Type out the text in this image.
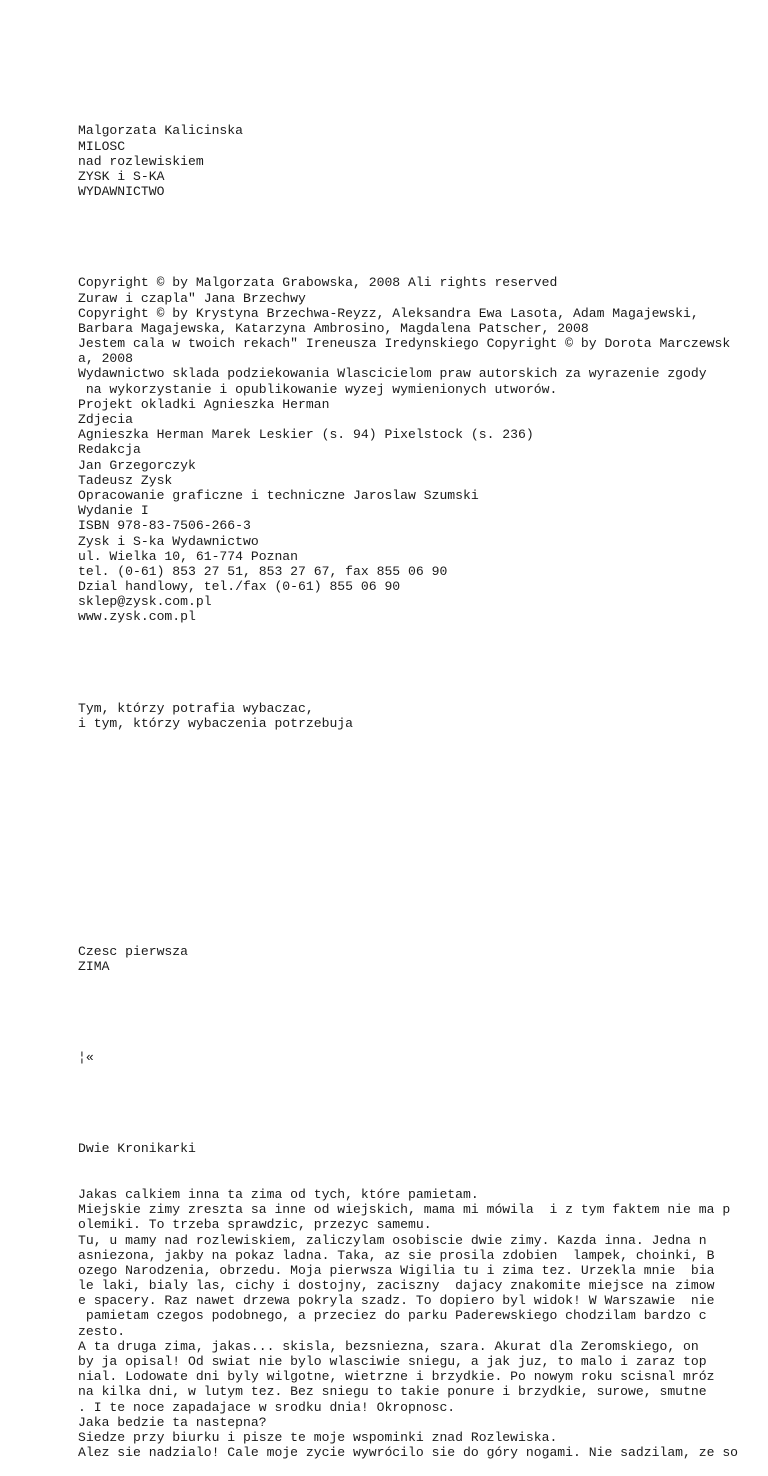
Malgorzata Kalicinska
MILOSC
nad rozlewiskiem
ZYSK i S-KA
WYDAWNICTWO

Copyright © by Malgorzata Grabowska, 2008 Ali rights reserved
Zuraw i czapla" Jana Brzechwy
Copyright © by Krystyna Brzechwa-Reyzz, Aleksandra Ewa Lasota, Adam Magajewski,
Barbara Magajewska, Katarzyna Ambrosino, Magdalena Patscher, 2008
Jestem cala w twoich rekach" Ireneusza Iredynskiego Copyright © by Dorota Marczewsk
a, 2008
Wydawnictwo sklada podziekowania Wlascicielom praw autorskich za wyrazenie zgody
na wykorzystanie i opublikowanie wyzej wymienionych utworów.
Projekt okladki Agnieszka Herman
Zdjecia
Agnieszka Herman Marek Leskier (s. 94) Pixelstock (s. 236)
Redakcja
Jan Grzegorczyk
Tadeusz Zysk
Opracowanie graficzne i techniczne Jaroslaw Szumski
Wydanie I
ISBN 978-83-7506-266-3
Zysk i S-ka Wydawnictwo
ul. Wielka 10, 61-774 Poznan
tel. (0-61) 853 27 51, 853 27 67, fax 855 06 90
Dzial handlowy, tel./fax (0-61) 855 06 90
sklep@zysk.com.pl
www.zysk.com.pl

Tym, którzy potrafia wybaczac,
i tym, którzy wybaczenia potrzebuja

Czesc pierwsza
ZIMA

¦«

Dwie Kronikarki

Jakas calkiem inna ta zima od tych, które pamietam.
Miejskie zimy zreszta sa inne od wiejskich, mama mi mówila  i z tym faktem nie ma p
olemiki. To trzeba sprawdzic, przezyc samemu.
Tu, u mamy nad rozlewiskiem, zaliczylam osobiscie dwie zimy. Kazda inna. Jedna n
asniezona, jakby na pokaz ladna. Taka, az sie prosila zdobien  lampek, choinki, B
ozego Narodzenia, obrzedu. Moja pierwsza Wigilia tu i zima tez. Urzekla mnie  bia
le laki, bialy las, cichy i dostojny, zaciszny  dajacy znakomite miejsce na zimow
e spacery. Raz nawet drzewa pokryla szadz. To dopiero byl widok! W Warszawie  nie
pamietam czegos podobnego, a przeciez do parku Paderewskiego chodzilam bardzo c
zesto.
A ta druga zima, jakas... skisla, bezsniezna, szara. Akurat dla Zeromskiego, on
by ja opisal! Od swiat nie bylo wlasciwie sniegu, a jak juz, to malo i zaraz top
nial. Lodowate dni byly wilgotne, wietrzne i brzydkie. Po nowym roku scisnal mróz
na kilka dni, w lutym tez. Bez sniegu to takie ponure i brzydkie, surowe, smutne
. I te noce zapadajace w srodku dnia! Okropnosc.
Jaka bedzie ta nastepna?
Siedze przy biurku i pisze te moje wspominki znad Rozlewiska.
Alez sie nadzialo! Cale moje zycie wywrócilo sie do góry nogami. Nie sadzilam, ze so
